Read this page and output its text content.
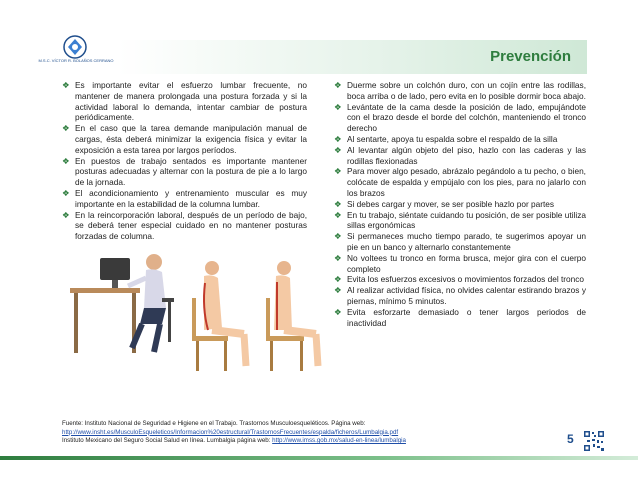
M.S.C. VÍCTOR R. BOLAÑOS CERRANO	Prevención
❖ Es importante evitar el esfuerzo lumbar frecuente, no mantener de manera prolongada una postura forzada y si la actividad laboral lo demanda, intentar cambiar de postura periódicamente.
❖ En el caso que la tarea demande manipulación manual de cargas, ésta deberá minimizar la exigencia física y evitar la exposición a esta tarea por largos períodos.
❖ En puestos de trabajo sentados es importante mantener posturas adecuadas y alternar con la postura de pie a lo largo de la jornada.
❖ El acondicionamiento y entrenamiento muscular es muy importante en la estabilidad de la columna lumbar.
❖ En la reincorporación laboral, después de un período de bajo, se deberá tener especial cuidado en no mantener posturas forzadas de columna.
❖ Duerme sobre un colchón duro, con un cojín entre las rodillas, boca arriba o de lado, pero evita en lo posible dormir boca abajo.
❖ Levántate de la cama desde la posición de lado, empujándote con el brazo desde el borde del colchón, manteniendo el tronco derecho
❖ Al sentarte, apoya tu espalda sobre el respaldo de la silla
❖ Al levantar algún objeto del piso, hazlo con las caderas y las rodillas flexionadas
❖ Para mover algo pesado, abrázalo pegándolo a tu pecho, o bien, colócate de espalda y empújalo con los pies, para no jalarlo con los brazos
❖ Si debes cargar y mover, se ser posible hazlo por partes
❖ En tu trabajo, siéntate cuidando tu posición, de ser posible utiliza sillas ergonómicas
❖ Si permaneces mucho tiempo parado, te sugerimos apoyar un pie en un banco y alternarlo constantemente
❖ No voltees tu tronco en forma brusca, mejor gira con el cuerpo completo
❖ Evita los esfuerzos excesivos o movimientos forzados del tronco
❖ Al realizar actividad física, no olvides calentar estirando brazos y piernas, mínimo 5 minutos.
❖ Evita esforzarte demasiado o tener largos periodos de inactividad
Fuente: Instituto Nacional de Seguridad e Higiene en el Trabajo. Trastornos Musculoesqueléticos. Página web:
http://www.insht.es/MusculoEsqueleticos/Informacion%20estructural/TrastornosFrecuentes/espalda/ficheros/Lumbalgia.pdf
Instituto Mexicano del Seguro Social Salud en línea. Lumbalgia página web: http://www.imss.gob.mx/salud-en-linea/lumbalgia	5
